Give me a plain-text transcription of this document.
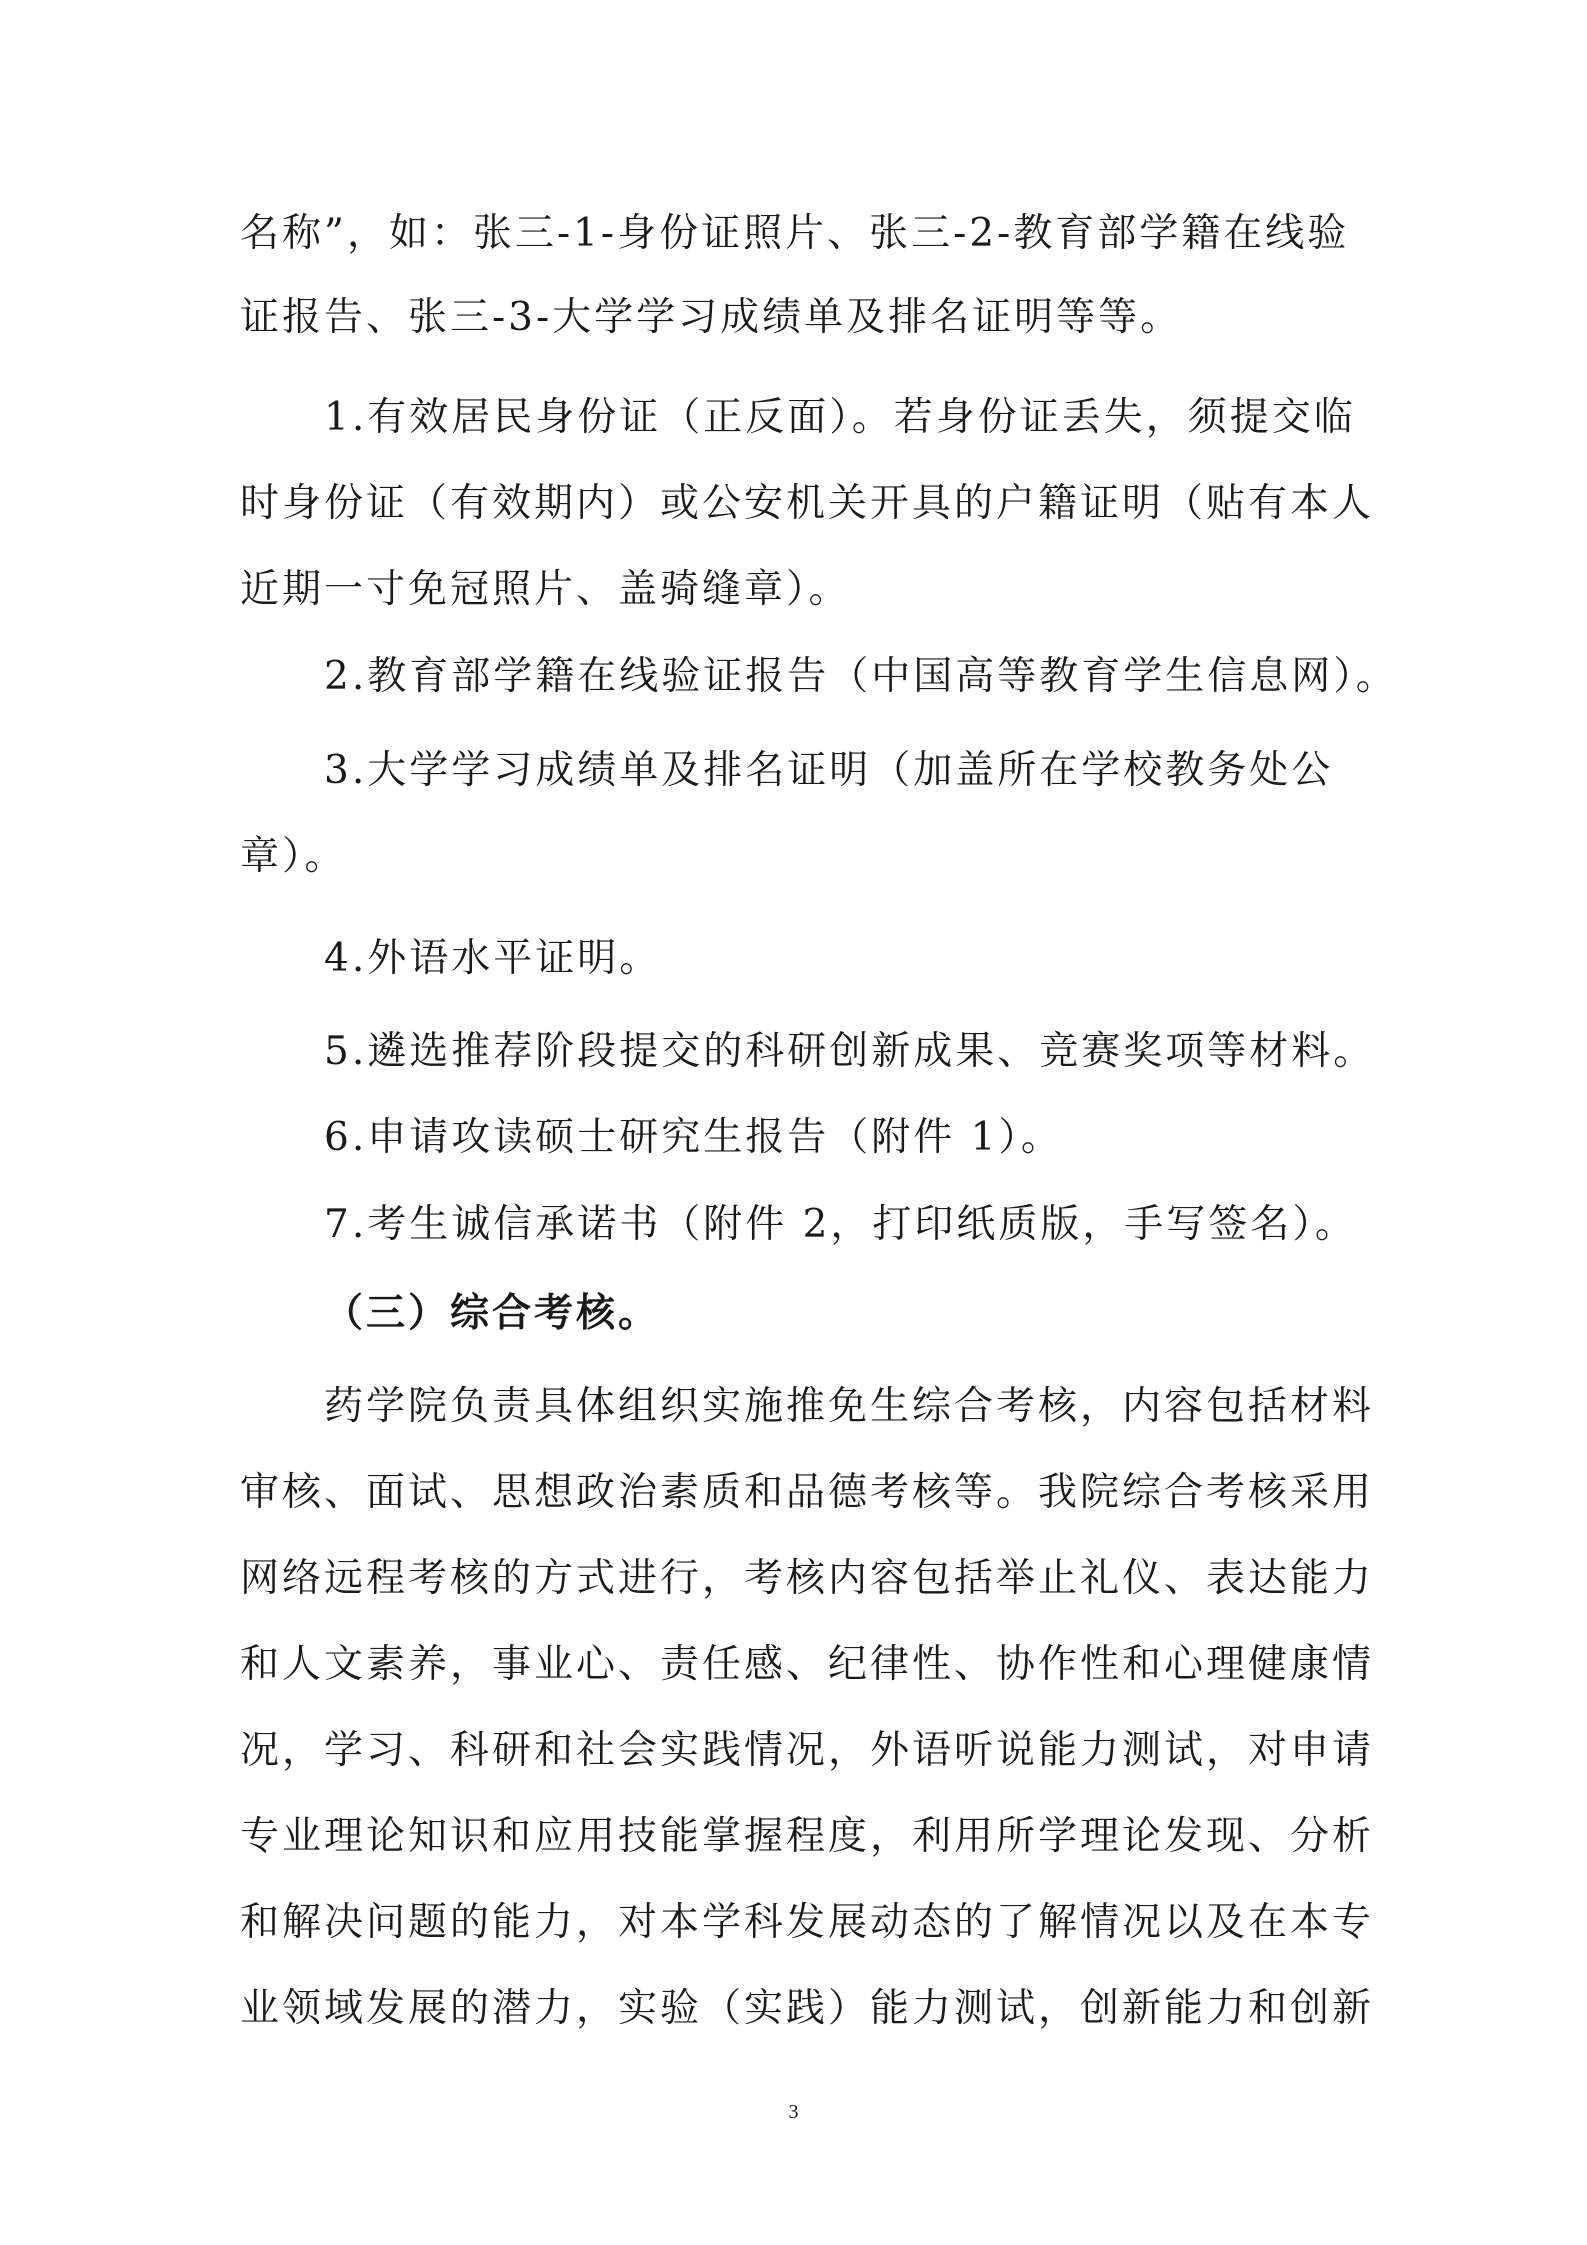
名称”，如：张三-1-身份证照片、张三-2-教育部学籍在线验
证报告、张三-3-大学学习成绩单及排名证明等等。
1.有效居民身份证（正反面）。若身份证丢失，须提交临
时身份证（有效期内）或公安机关开具的户籍证明（贴有本人
近期一寸免冠照片、盖骑缝章）。
2.教育部学籍在线验证报告（中国高等教育学生信息网）。
3.大学学习成绩单及排名证明（加盖所在学校教务处公
章）。
4.外语水平证明。
5.遴选推荐阶段提交的科研创新成果、竞赛奖项等材料。
6.申请攻读硕士研究生报告（附件 1）。
7.考生诚信承诺书（附件 2，打印纸质版，手写签名）。
（三）综合考核。
药学院负责具体组织实施推免生综合考核，内容包括材料
审核、面试、思想政治素质和品德考核等。我院综合考核采用
网络远程考核的方式进行，考核内容包括举止礼仪、表达能力
和人文素养，事业心、责任感、纪律性、协作性和心理健康情
况，学习、科研和社会实践情况，外语听说能力测试，对申请
专业理论知识和应用技能掌握程度，利用所学理论发现、分析
和解决问题的能力，对本学科发展动态的了解情况以及在本专
业领域发展的潜力，实验（实践）能力测试，创新能力和创新
3
